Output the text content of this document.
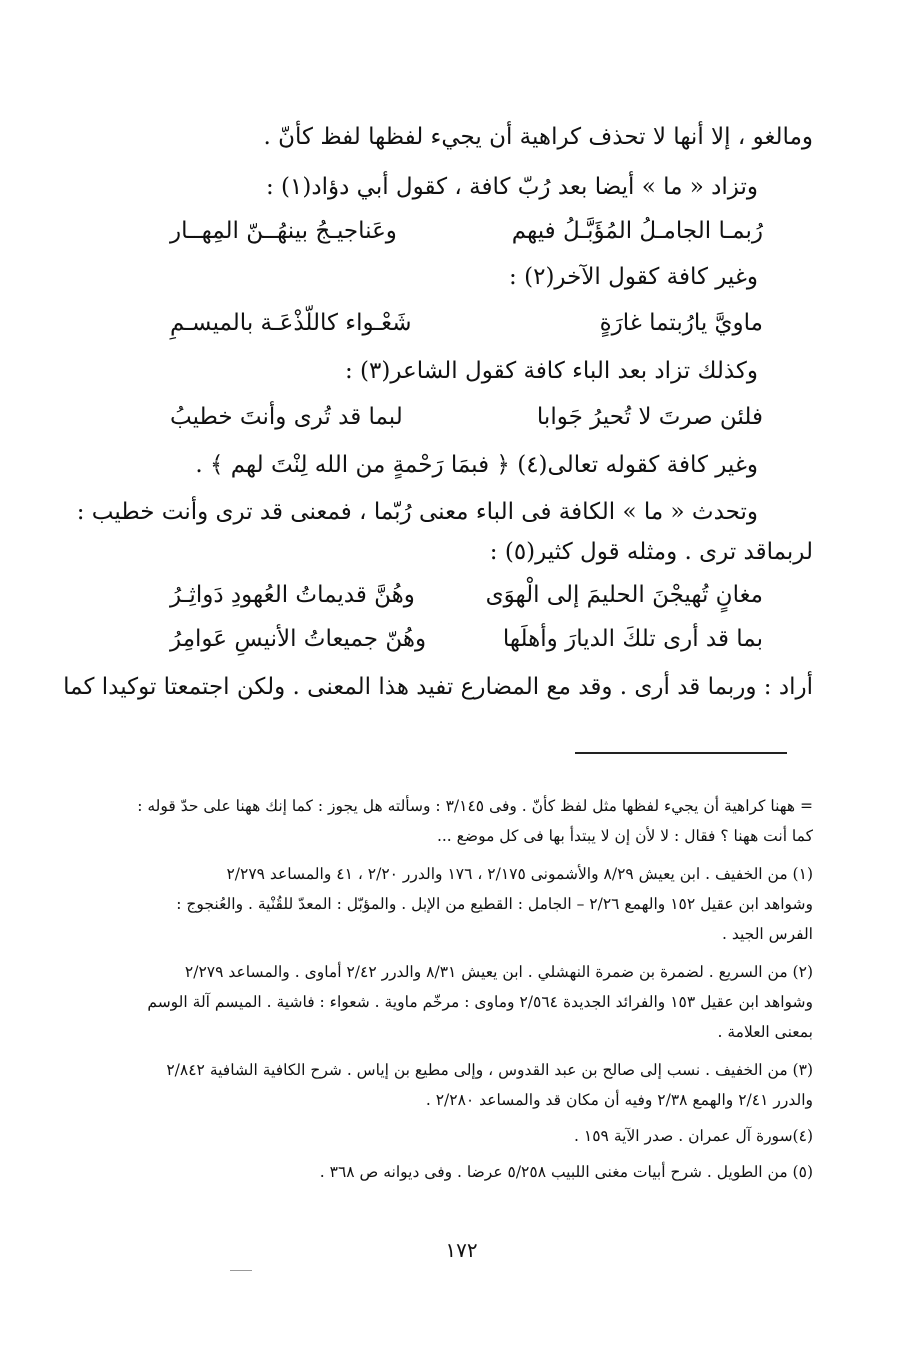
ومالغو ، إلا أنها لا تحذف كراهية أن يجيء لفظها لفظ كأنّ .
وتزاد « ما » أيضا بعد رُبّ كافة ، كقول أبي دؤاد(١) :
رُبمـا الجامـلُ المُؤَبَّـلُ فيهم
وعَناجيـجُ بينهُــنّ المِهــار
وغير كافة كقول الآخر(٢) :
ماويَّ يارُبتما غارَةٍ
شَعْـواء كاللّذْعَـة بالميسـمِ
وكذلك تزاد بعد الباء كافة كقول الشاعر(٣) :
فلئن صرتَ لا تُحيرُ جَوابا
لبما قد تُرى وأنتَ خطيبُ
وغير كافة كقوله تعالى(٤) ﴿ فبمَا رَحْمةٍ من الله لِنْتَ لهم ﴾ .
وتحدث « ما » الكافة فى الباء معنى رُبّما ، فمعنى قد ترى وأنت خطيب :
لربماقد ترى . ومثله قول كثير(٥) :
مغانٍ تُهيجْنَ الحليمَ إلى الْهوَى
وهُنَّ قديماتُ العُهودِ دَواثِـرُ
بما قد أرى تلكَ الديارَ وأهلَها
وهُنّ جميعاتُ الأنيسِ عَوامِرُ
أراد : وربما قد أرى . وقد مع المضارع تفيد هذا المعنى . ولكن اجتمعتا توكيدا كما
= ههنا كراهية أن يجيء لفظها مثل لفظ كأنّ . وفى ٣/١٤٥ : وسألته هل يجوز : كما إنك ههنا على حدّ قوله :
كما أنت ههنا ؟ فقال : لا لأن إن لا يبتدأ بها فى كل موضع ...
(١) من الخفيف . ابن يعيش ٨/٢٩ والأشمونى ٢/١٧٥ ، ١٧٦ والدرر ٢/٢٠ ، ٤١ والمساعد ٢/٢٧٩
وشواهد ابن عقيل ١٥٢ والهمع ٢/٢٦ – الجامل : القطيع من الإبل . والمؤبّل : المعدّ للقُنْية . والعُنجوج :
الفرس الجيد .
(٢) من السريع . لضمرة بن ضمرة النهشلي . ابن يعيش ٨/٣١ والدرر ٢/٤٢ أماوى . والمساعد ٢/٢٧٩
وشواهد ابن عقيل ١٥٣ والفرائد الجديدة ٢/٥٦٤ وماوى : مرخّم ماوية . شعواء : فاشية . الميسم آلة الوسم
بمعنى العلامة .
(٣) من الخفيف . نسب إلى صالح بن عبد القدوس ، وإلى مطيع بن إياس . شرح الكافية الشافية ٢/٨٤٢
والدرر ٢/٤١ والهمع ٢/٣٨ وفيه أن مكان قد والمساعد ٢/٢٨٠ .
(٤)سورة آل عمران . صدر الآية ١٥٩ .
(٥) من الطويل . شرح أبيات مغنى اللبيب ٥/٢٥٨ عرضا . وفى ديوانه ص ٣٦٨ .
١٧٢
